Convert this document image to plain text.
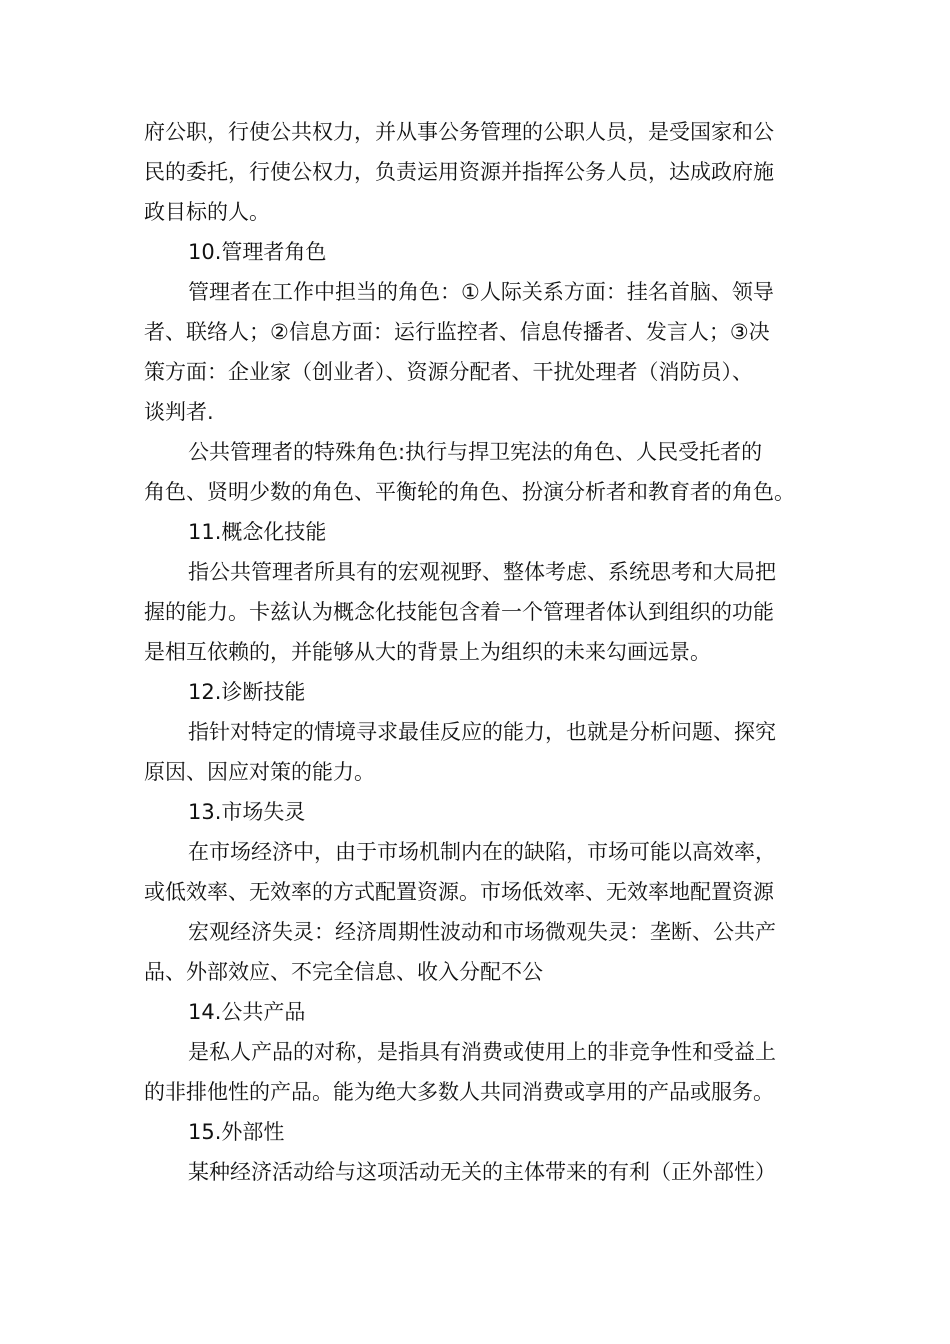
府公职，行使公共权力，并从事公务管理的公职人员，是受国家和公
民的委托，行使公权力，负责运用资源并指挥公务人员，达成政府施
政目标的人。
10.管理者角色
管理者在工作中担当的角色：①人际关系方面：挂名首脑、领导
者、联络人；②信息方面：运行监控者、信息传播者、发言人；③决
策方面：企业家（创业者）、资源分配者、干扰处理者（消防员）、
谈判者.
公共管理者的特殊角色:执行与捍卫宪法的角色、人民受托者的
角色、贤明少数的角色、平衡轮的角色、扮演分析者和教育者的角色。
11.概念化技能
指公共管理者所具有的宏观视野、整体考虑、系统思考和大局把
握的能力。卡兹认为概念化技能包含着一个管理者体认到组织的功能
是相互依赖的，并能够从大的背景上为组织的未来勾画远景。
12.诊断技能
指针对特定的情境寻求最佳反应的能力，也就是分析问题、探究
原因、因应对策的能力。
13.市场失灵
在市场经济中，由于市场机制内在的缺陷，市场可能以高效率，
或低效率、无效率的方式配置资源。市场低效率、无效率地配置资源
宏观经济失灵：经济周期性波动和市场微观失灵：垄断、公共产
品、外部效应、不完全信息、收入分配不公
14.公共产品
是私人产品的对称，是指具有消费或使用上的非竞争性和受益上
的非排他性的产品。能为绝大多数人共同消费或享用的产品或服务。
15.外部性
某种经济活动给与这项活动无关的主体带来的有利（正外部性）
